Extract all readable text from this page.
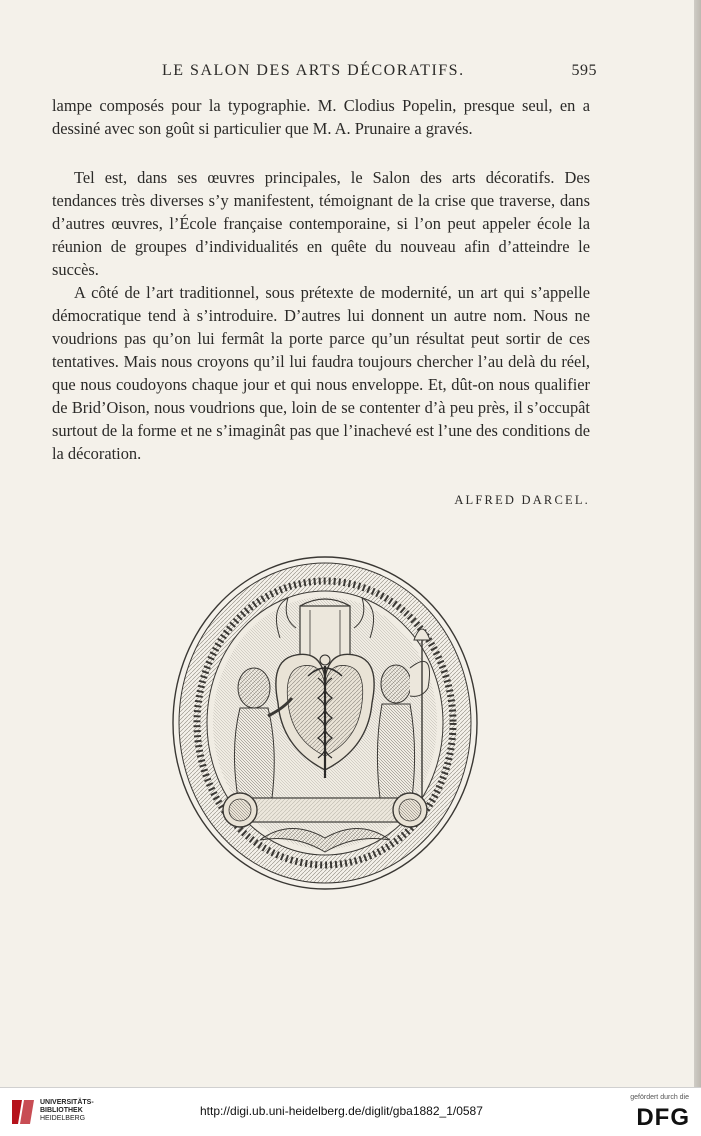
LE SALON DES ARTS DÉCORATIFS.	595

lampe composés pour la typographie. M. Clodius Popelin, presque seul, en a dessiné avec son goût si particulier que M. A. Prunaire a gravés.

Tel est, dans ses œuvres principales, le Salon des arts décoratifs. Des tendances très diverses s’y manifestent, témoignant de la crise que traverse, dans d’autres œuvres, l’École française contemporaine, si l’on peut appeler école la réunion de groupes d’individualités en quête du nouveau afin d’atteindre le succès.

A côté de l’art traditionnel, sous prétexte de modernité, un art qui s’appelle démocratique tend à s’introduire. D’autres lui donnent un autre nom. Nous ne voudrions pas qu’on lui fermât la porte parce qu’un résultat peut sortir de ces tentatives. Mais nous croyons qu’il lui faudra toujours chercher l’au delà du réel, que nous coudoyons chaque jour et qui nous enveloppe. Et, dût-on nous qualifier de Brid’Oison, nous voudrions que, loin de se contenter d’à peu près, il s’occupât surtout de la forme et ne s’imaginât pas que l’inachevé est l’une des conditions de la décoration.

ALFRED DARCEL.
UNIVERSITÄTS-
BIBLIOTHEK
HEIDELBERG
http://digi.ub.uni-heidelberg.de/diglit/gba1882_1/0587
gefördert durch die
DFG
